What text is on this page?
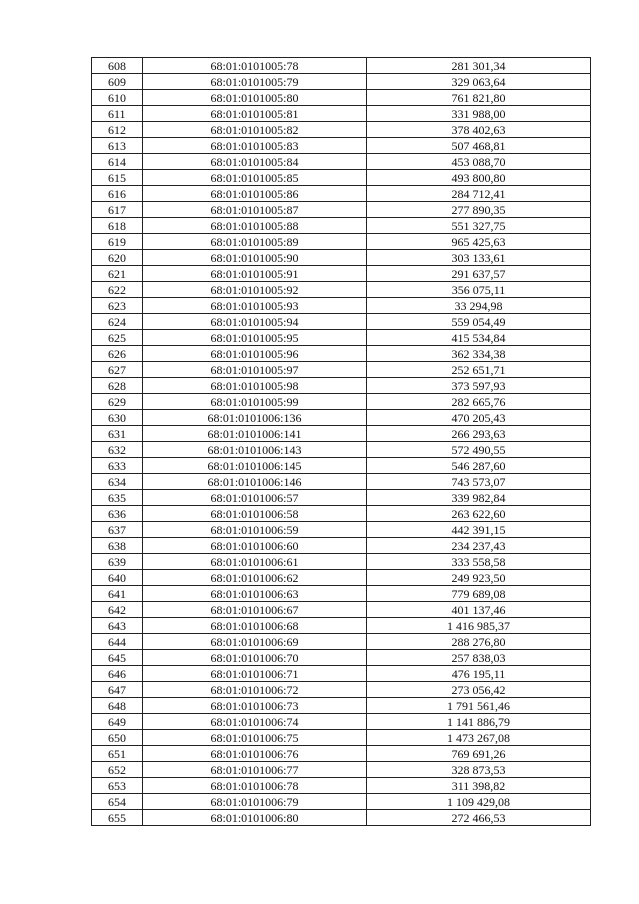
608	68:01:0101005:78	281 301,34
609	68:01:0101005:79	329 063,64
610	68:01:0101005:80	761 821,80
611	68:01:0101005:81	331 988,00
612	68:01:0101005:82	378 402,63
613	68:01:0101005:83	507 468,81
614	68:01:0101005:84	453 088,70
615	68:01:0101005:85	493 800,80
616	68:01:0101005:86	284 712,41
617	68:01:0101005:87	277 890,35
618	68:01:0101005:88	551 327,75
619	68:01:0101005:89	965 425,63
620	68:01:0101005:90	303 133,61
621	68:01:0101005:91	291 637,57
622	68:01:0101005:92	356 075,11
623	68:01:0101005:93	33 294,98
624	68:01:0101005:94	559 054,49
625	68:01:0101005:95	415 534,84
626	68:01:0101005:96	362 334,38
627	68:01:0101005:97	252 651,71
628	68:01:0101005:98	373 597,93
629	68:01:0101005:99	282 665,76
630	68:01:0101006:136	470 205,43
631	68:01:0101006:141	266 293,63
632	68:01:0101006:143	572 490,55
633	68:01:0101006:145	546 287,60
634	68:01:0101006:146	743 573,07
635	68:01:0101006:57	339 982,84
636	68:01:0101006:58	263 622,60
637	68:01:0101006:59	442 391,15
638	68:01:0101006:60	234 237,43
639	68:01:0101006:61	333 558,58
640	68:01:0101006:62	249 923,50
641	68:01:0101006:63	779 689,08
642	68:01:0101006:67	401 137,46
643	68:01:0101006:68	1 416 985,37
644	68:01:0101006:69	288 276,80
645	68:01:0101006:70	257 838,03
646	68:01:0101006:71	476 195,11
647	68:01:0101006:72	273 056,42
648	68:01:0101006:73	1 791 561,46
649	68:01:0101006:74	1 141 886,79
650	68:01:0101006:75	1 473 267,08
651	68:01:0101006:76	769 691,26
652	68:01:0101006:77	328 873,53
653	68:01:0101006:78	311 398,82
654	68:01:0101006:79	1 109 429,08
655	68:01:0101006:80	272 466,53
